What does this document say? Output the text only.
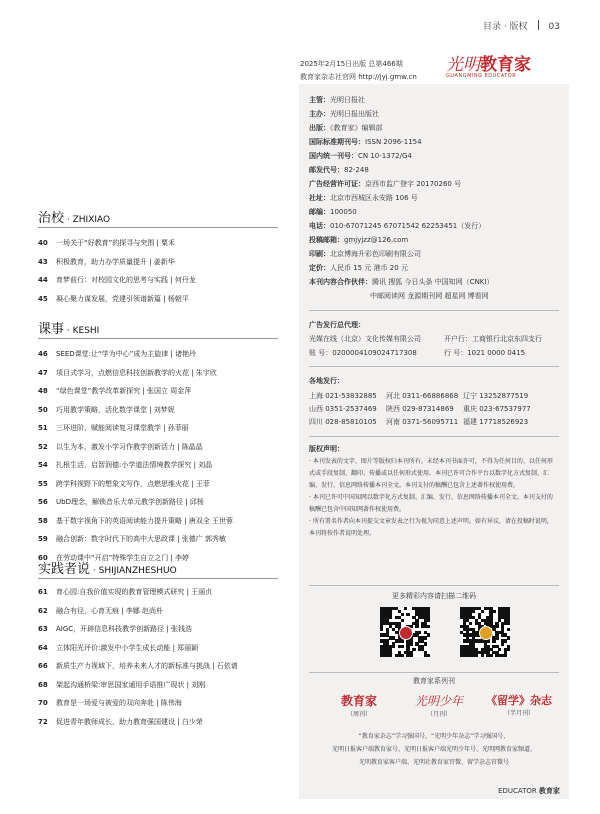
目录 · 版权 03
2025年2月15日出版 总第466期
教育家杂志社官网 http://jyj.gmw.cn
光明教育家
GUANGMING EDUCATOR
主管：光明日报社
主办：光明日报出版社
出版：《教育家》编辑部
国际标准期刊号：ISSN 2096-1154
国内统一刊号：CN 10-1372/G4
邮发代号：82-248
广告经营许可证：京西市监广登字 20170260 号
社址：北京市西城区永安路 106 号
邮编：100050
电话：010-67071245 67071542 62253451（发行）
投稿邮箱：gmjyjzz@126.com
印刷：北京博海升彩色印刷有限公司
定价：人民币 15 元 港币 20 元
本刊内容合作伙伴：腾讯 搜狐 今日头条 中国知网（CNKI）
中邮阅读网 龙源期刊网 超星网 博看网
广告发行总代理：
光媒在线（北京）文化传媒有限公司	开户行：工商银行北京东四支行
账 号：0200004109024717308	行 号：1021 0000 0415
各地发行：
上海 021-53832885 河北 0311-66886868 辽宁 13252877519
山西 0351-2537469 陕西 029-87314869 重庆 023-67537977
四川 028-85810105 河南 0371-56095711 福建 17718526923
版权声明：
· 本刊发表的文字、图片等版权归本刊所有。未经本刊书面许可，不得为任何目的、以任何形式或手段复制、翻印、传播或以任何形式使用。本刊已许可合作平台以数字化方式复制、汇编、发行、信息网络传播本刊全文。本刊支付的稿酬已包含上述著作权使用费。
· 本刊已许可中国知网以数字化方式复制、汇编、发行、信息网络传播本刊全文。本刊支付的稿酬已包含中国知网著作权使用费。
· 所有署名作者向本刊提交文章发表之行为视为同意上述声明。如有异议，请在投稿时说明，本刊将按作者说明处理。
更多精彩内容请扫描二维码
教育家系列刊
教育家
（周刊）
光明少年
（月刊）
《留学》杂志
（半月刊）
“教育家杂志”学习强国号、“光明少年杂志”学习强国号、
光明日报客户端教育家号、光明日报客户端光明少年号、光明网教育家频道、
光明教育家客户端、光明社教育家官微、留学杂志官微号
治校 · ZHIXIAO
40 一场关于“好教育”的探寻与突围 | 粟禾
43 积极教育，助力办学质量提升 | 姜新华
44 育梦前行：对校园文化的思考与实践 | 何丹龙
45 凝心聚力谋发展，党建引领谱新篇 | 杨朝平
课事 · KESHI
46 SEED课堂:让“学为中心”成为主旋律 | 诸艳玲
47 项目式学习，点燃信息科技创新教学的火花 | 朱宇欣
48 “绿色课堂”教学改革新探究 | 张国立 周金萍
50 巧用教学策略，活化数学课堂 | 刘梦妮
51 三环进阶，赋能阅读复习课堂教学 | 孙菲丽
52 以生为本，激发小学习作教学创新活力 | 陈晶晶
54 扎根生活，启智润德:小学道法情境教学探究 | 刘晶
55 跨学科视野下的想象文写作，点燃思维火花 | 王菲
56 UbD理念，解锁音乐大单元教学创新路径 | 邱杨
58 基于数字视角下的英语阅读能力提升策略 | 唐双全 王世蓉
59 融合创新：数字时代下的高中大思政课 | 张德广 郭秀敏
60 在劳动课中“开启”特殊学生自立之门 | 李婷
实践者说 · SHIJIANZHESHUO
61 育心园:自我价值实现的教育管理模式研究 | 王丽贞
62 融合有径，心育无痕 | 李娜 赵尚朴
63 AIGC，开辟信息科技教学创新路径 | 张钱浩
64 立体阳光评价:激发中小学生成长动能 | 郑丽颖
66 新质生产力视域下，培养未来人才的新标准与挑战 | 石依谱
68 架起沟通桥梁:审思国家通用手语推广现状 | 刘刚
70 教育是一场爱与被爱的双向奔赴 | 陈伟海
72 促进青年教师成长，助力教育强国建设 | 白少荣
EDUCATOR 教育家
